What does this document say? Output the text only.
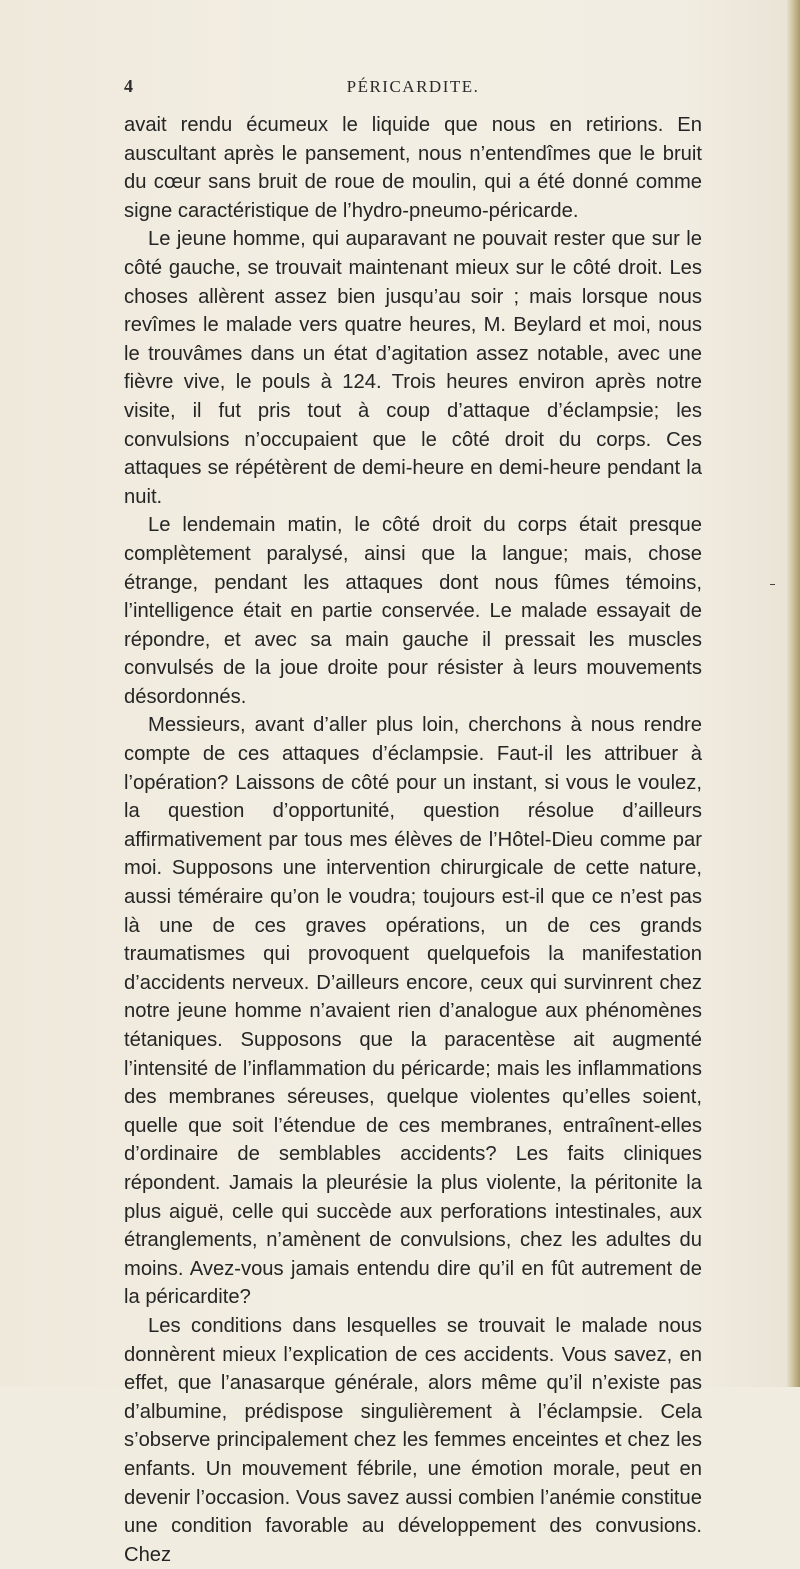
4	PÉRICARDITE.

avait rendu écumeux le liquide que nous en retirions. En auscultant après le pansement, nous n’entendîmes que le bruit du cœur sans bruit de roue de moulin, qui a été donné comme signe caractéristique de l’hydro-pneumo-péricarde.

Le jeune homme, qui auparavant ne pouvait rester que sur le côté gauche, se trouvait maintenant mieux sur le côté droit. Les choses allèrent assez bien jusqu’au soir ; mais lorsque nous revîmes le malade vers quatre heures, M. Beylard et moi, nous le trouvâmes dans un état d’agitation assez notable, avec une fièvre vive, le pouls à 124. Trois heures environ après notre visite, il fut pris tout à coup d’attaque d’éclampsie; les convulsions n’occupaient que le côté droit du corps. Ces attaques se répétèrent de demi-heure en demi-heure pendant la nuit.

Le lendemain matin, le côté droit du corps était presque complètement paralysé, ainsi que la langue; mais, chose étrange, pendant les attaques dont nous fûmes témoins, l’intelligence était en partie conservée. Le malade essayait de répondre, et avec sa main gauche il pressait les muscles convulsés de la joue droite pour résister à leurs mouvements désordonnés.

Messieurs, avant d’aller plus loin, cherchons à nous rendre compte de ces attaques d’éclampsie. Faut-il les attribuer à l’opération? Laissons de côté pour un instant, si vous le voulez, la question d’opportunité, question résolue d’ailleurs affirmativement par tous mes élèves de l’Hôtel-Dieu comme par moi. Supposons une intervention chirurgicale de cette nature, aussi téméraire qu’on le voudra; toujours est-il que ce n’est pas là une de ces graves opérations, un de ces grands traumatismes qui provoquent quelquefois la manifestation d’accidents nerveux. D’ailleurs encore, ceux qui survinrent chez notre jeune homme n’avaient rien d’analogue aux phénomènes tétaniques. Supposons que la paracentèse ait augmenté l’intensité de l’inflammation du péricarde; mais les inflammations des membranes séreuses, quelque violentes qu’elles soient, quelle que soit l’étendue de ces membranes, entraînent-elles d’ordinaire de semblables accidents? Les faits cliniques répondent. Jamais la pleurésie la plus violente, la péritonite la plus aiguë, celle qui succède aux perforations intestinales, aux étranglements, n’amènent de convulsions, chez les adultes du moins. Avez-vous jamais entendu dire qu’il en fût autrement de la péricardite?

Les conditions dans lesquelles se trouvait le malade nous donnèrent mieux l’explication de ces accidents. Vous savez, en effet, que l’anasarque générale, alors même qu’il n’existe pas d’albumine, prédispose singulièrement à l’éclampsie. Cela s’observe principalement chez les femmes enceintes et chez les enfants. Un mouvement fébrile, une émotion morale, peut en devenir l’occasion. Vous savez aussi combien l’anémie constitue une condition favorable au développement des convusions. Chez
